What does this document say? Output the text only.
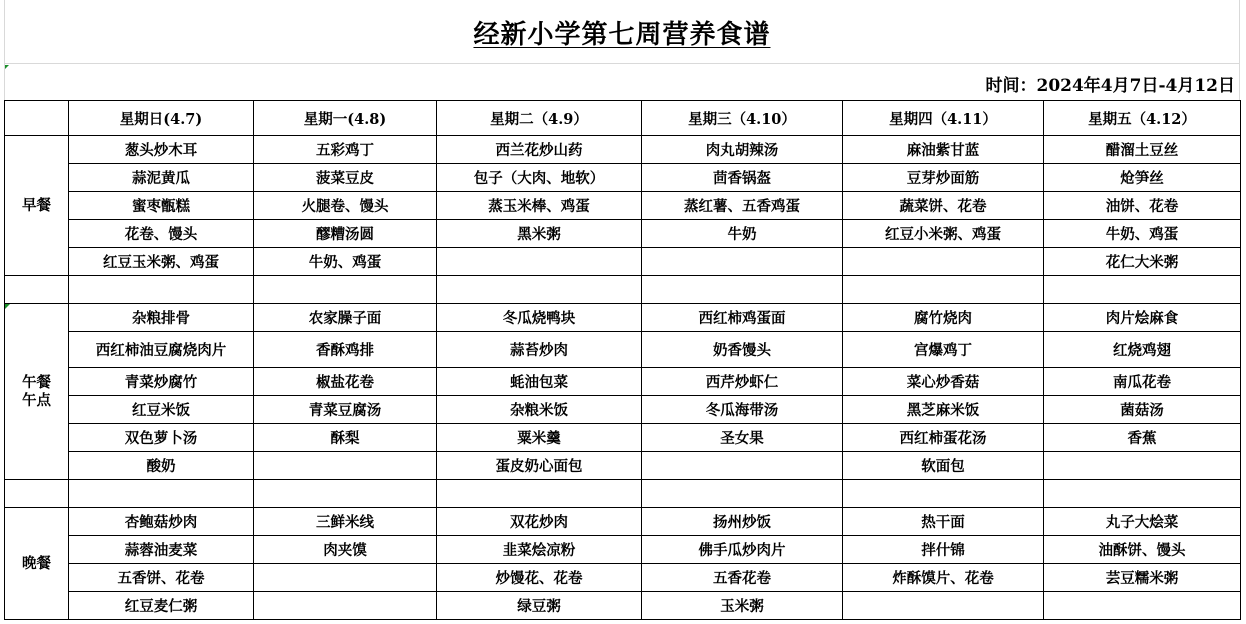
经新小学第七周营养食谱
时间：2024年4月7日-4月12日
	星期日(4.7)	星期一(4.8)	星期二（4.9）	星期三（4.10）	星期四（4.11）	星期五（4.12）
早餐	葱头炒木耳	五彩鸡丁	西兰花炒山药	肉丸胡辣汤	麻油紫甘蓝	醋溜土豆丝
	蒜泥黄瓜	菠菜豆皮	包子（大肉、地软）	茴香锅盔	豆芽炒面筋	炝笋丝
	蜜枣甑糕	火腿卷、馒头	蒸玉米棒、鸡蛋	蒸红薯、五香鸡蛋	蔬菜饼、花卷	油饼、花卷
	花卷、馒头	醪糟汤圆	黑米粥	牛奶	红豆小米粥、鸡蛋	牛奶、鸡蛋
	红豆玉米粥、鸡蛋	牛奶、鸡蛋				花仁大米粥

午餐
午点	杂粮排骨	农家臊子面	冬瓜烧鸭块	西红柿鸡蛋面	腐竹烧肉	肉片烩麻食
	西红柿油豆腐烧肉片	香酥鸡排	蒜苔炒肉	奶香馒头	宫爆鸡丁	红烧鸡翅
	青菜炒腐竹	椒盐花卷	蚝油包菜	西芹炒虾仁	菜心炒香菇	南瓜花卷
	红豆米饭	青菜豆腐汤	杂粮米饭	冬瓜海带汤	黑芝麻米饭	菌菇汤
	双色萝卜汤	酥梨	粟米羹	圣女果	西红柿蛋花汤	香蕉
	酸奶		蛋皮奶心面包		软面包	

晚餐	杏鲍菇炒肉	三鲜米线	双花炒肉	扬州炒饭	热干面	丸子大烩菜
	蒜蓉油麦菜	肉夹馍	韭菜烩凉粉	佛手瓜炒肉片	拌什锦	油酥饼、馒头
	五香饼、花卷		炒馒花、花卷	五香花卷	炸酥馍片、花卷	芸豆糯米粥
	红豆麦仁粥		绿豆粥	玉米粥		
